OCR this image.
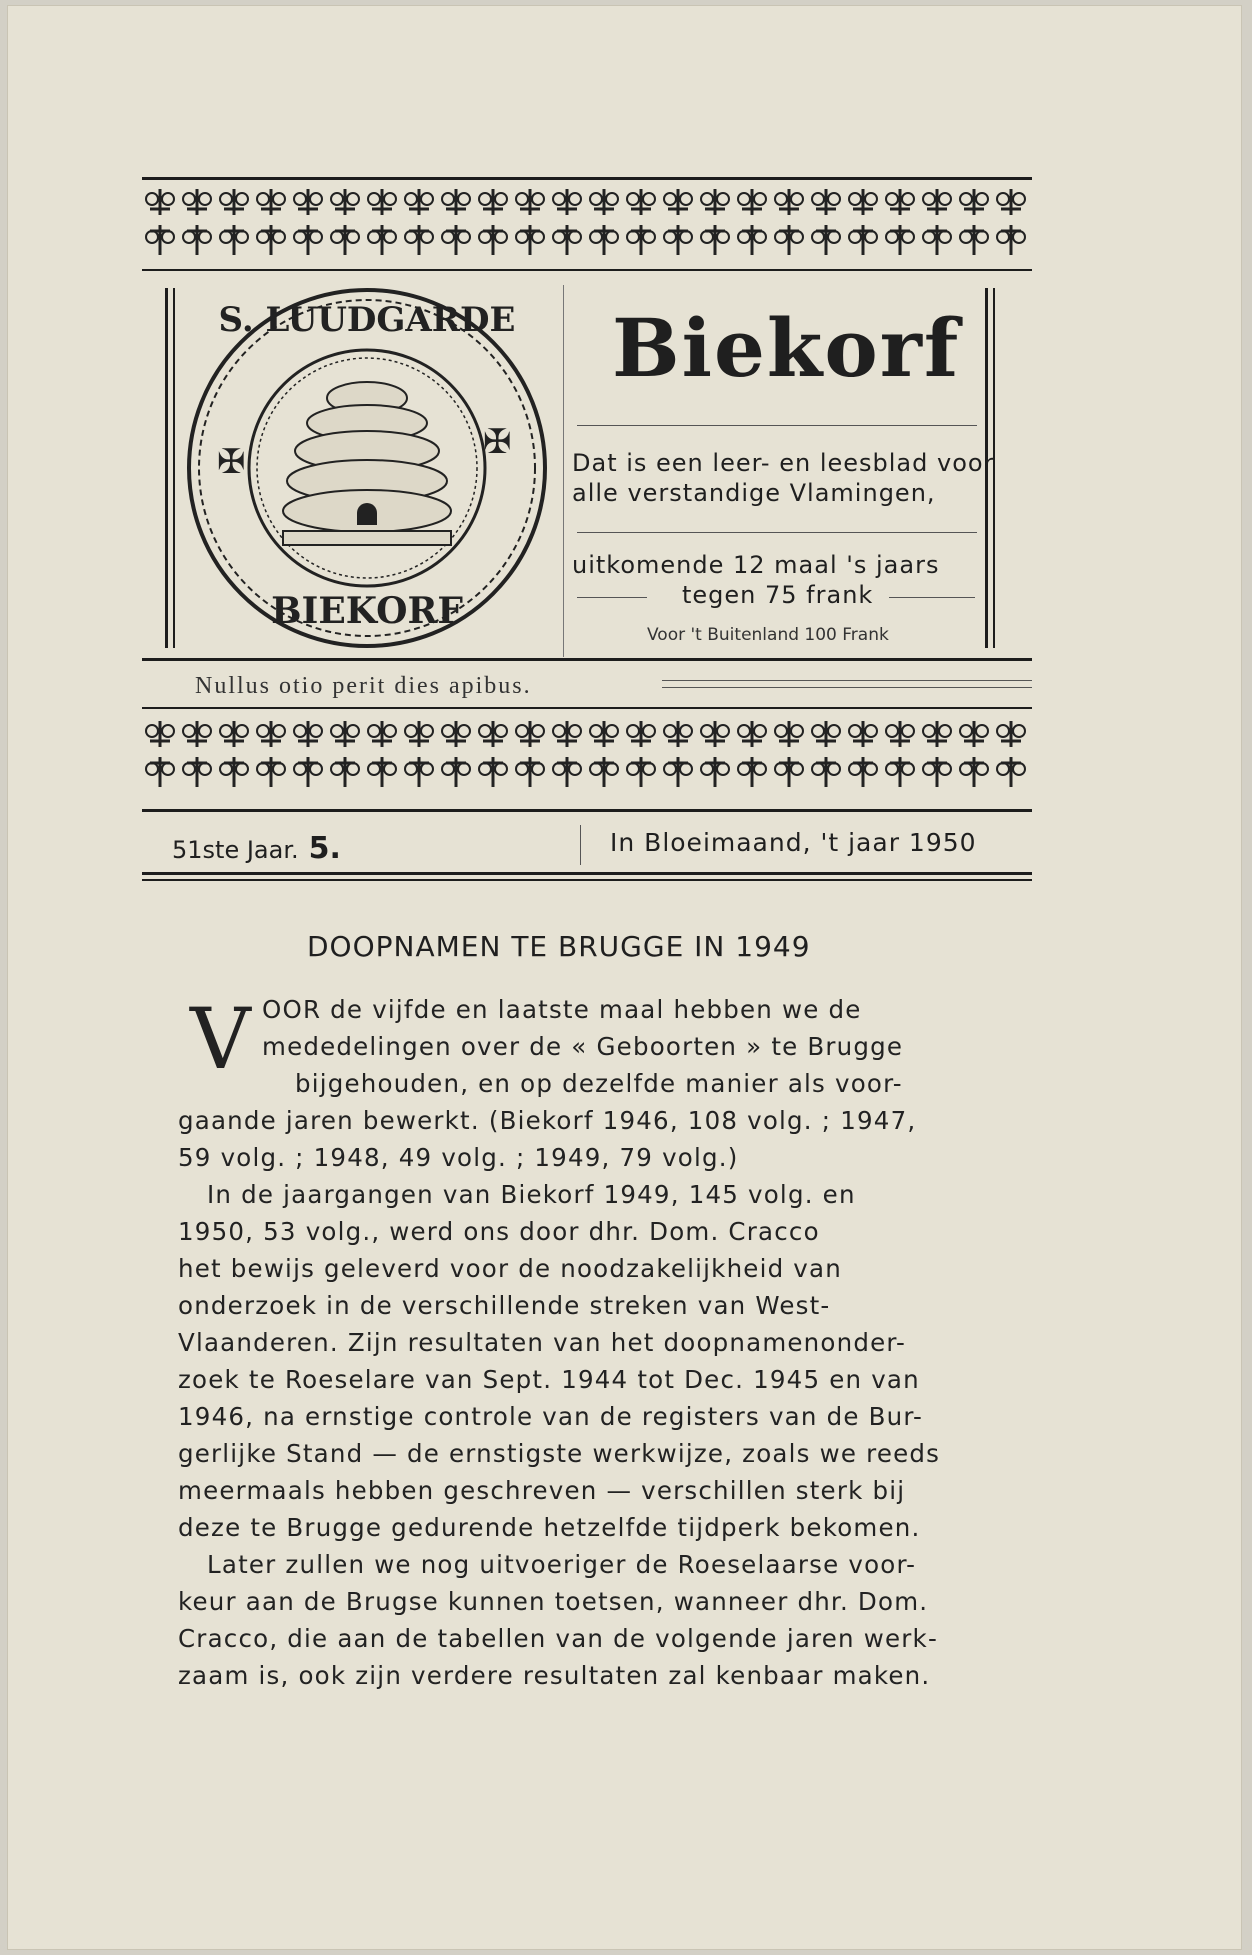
✠	✠
S. LUUDGARDE
BIEKORF
Biekorf
Dat is een leer- en leesblad voor
alle verstandige Vlamingen,
uitkomende 12 maal 's jaars
tegen 75 frank
Voor 't Buitenland 100 Frank
Nullus otio perit dies apibus.
51ste Jaar. 5.	In Bloeimaand, 't jaar 1950
DOOPNAMEN TE BRUGGE IN 1949
V OOR de vijfde en laatste maal hebben we de
mededelingen over de « Geboorten » te Brugge
bijgehouden, en op dezelfde manier als voor-
gaande jaren bewerkt. (Biekorf 1946, 108 volg. ; 1947,
59 volg. ; 1948, 49 volg. ; 1949, 79 volg.)
In de jaargangen van Biekorf 1949, 145 volg. en
1950, 53 volg., werd ons door dhr. Dom. Cracco
het bewijs geleverd voor de noodzakelijkheid van
onderzoek in de verschillende streken van West-
Vlaanderen. Zijn resultaten van het doopnamenonder-
zoek te Roeselare van Sept. 1944 tot Dec. 1945 en van
1946, na ernstige controle van de registers van de Bur-
gerlijke Stand — de ernstigste werkwijze, zoals we reeds
meermaals hebben geschreven — verschillen sterk bij
deze te Brugge gedurende hetzelfde tijdperk bekomen.
Later zullen we nog uitvoeriger de Roeselaarse voor-
keur aan de Brugse kunnen toetsen, wanneer dhr. Dom.
Cracco, die aan de tabellen van de volgende jaren werk-
zaam is, ook zijn verdere resultaten zal kenbaar maken.
